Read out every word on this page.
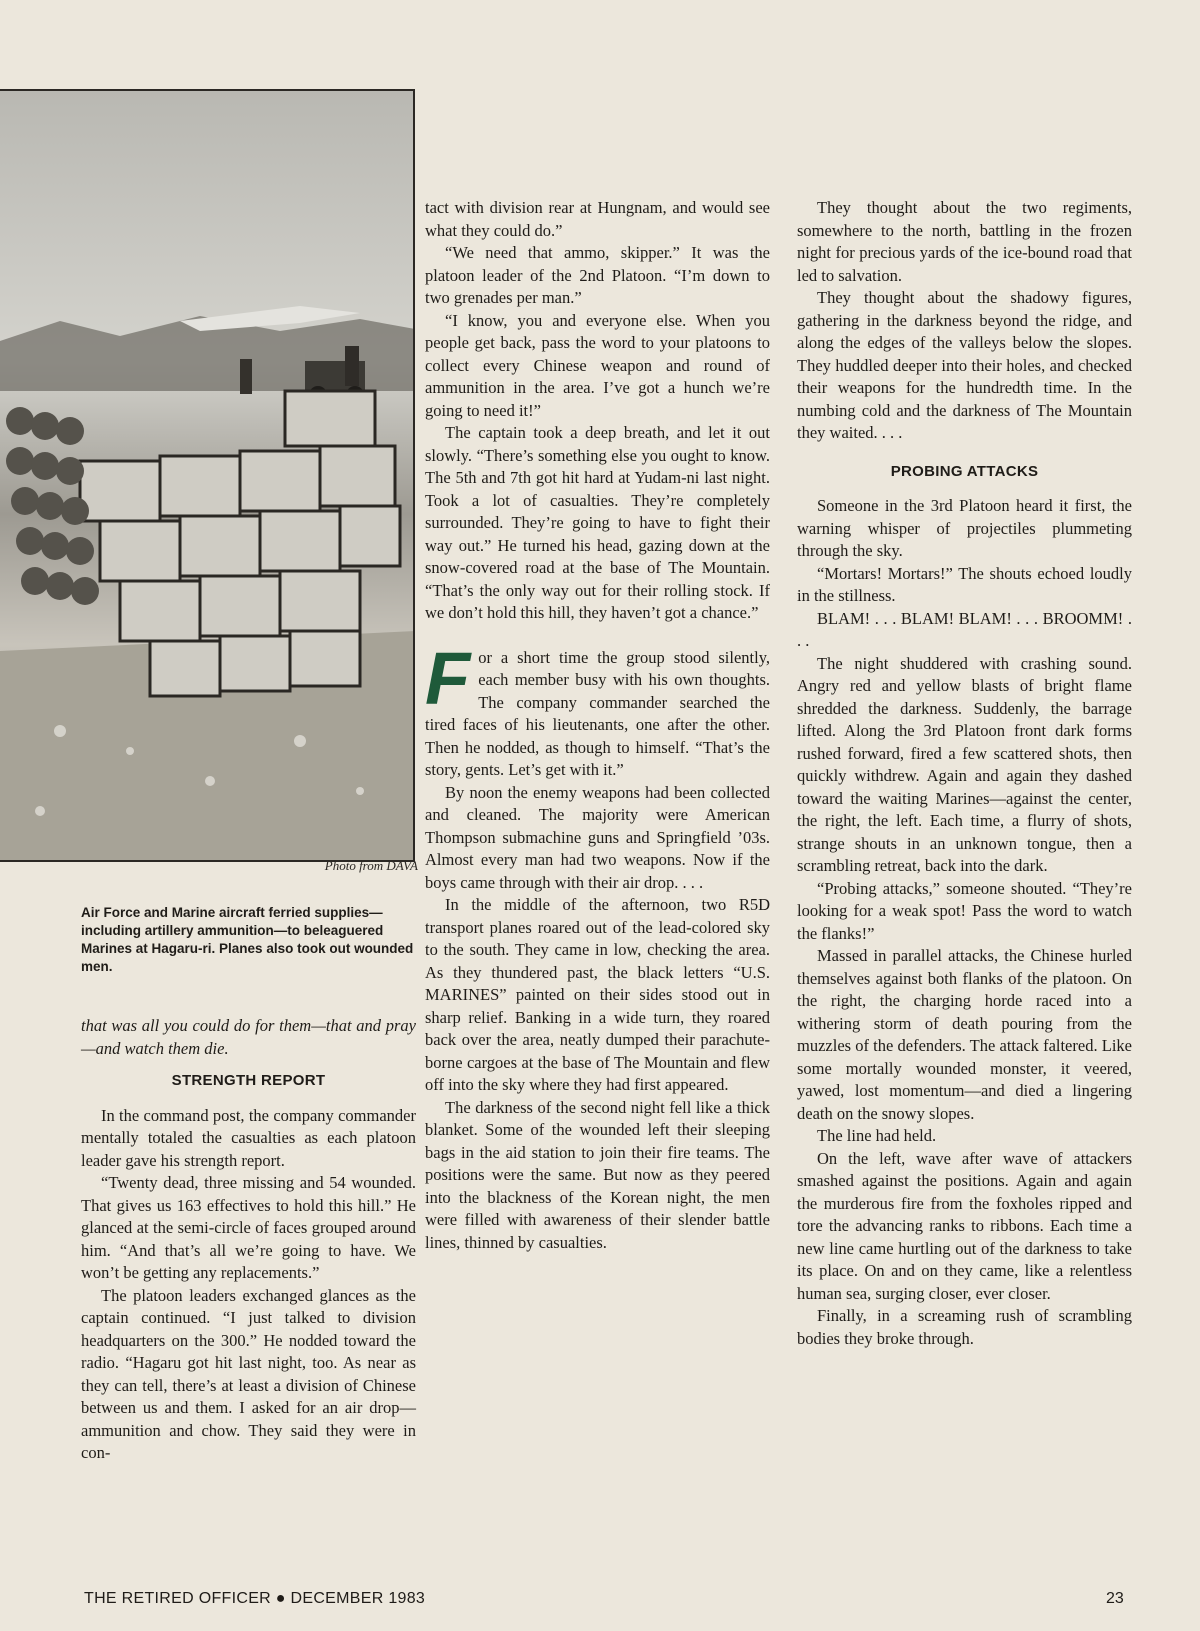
Photo from DAVA
Air Force and Marine aircraft ferried supplies—including artillery ammunition—to beleaguered Marines at Hagaru-ri. Planes also took out wounded men.

that was all you could do for them—that and pray—and watch them die.

STRENGTH REPORT

In the command post, the company commander mentally totaled the casualties as each platoon leader gave his strength report.

“Twenty dead, three missing and 54 wounded. That gives us 163 effectives to hold this hill.” He glanced at the semi-circle of faces grouped around him. “And that’s all we’re going to have. We won’t be getting any replacements.”

The platoon leaders exchanged glances as the captain continued. “I just talked to division headquarters on the 300.” He nodded toward the radio. “Hagaru got hit last night, too. As near as they can tell, there’s at least a division of Chinese between us and them. I asked for an air drop—ammunition and chow. They said they were in con-

tact with division rear at Hungnam, and would see what they could do.”

“We need that ammo, skipper.” It was the platoon leader of the 2nd Platoon. “I’m down to two grenades per man.”

“I know, you and everyone else. When you people get back, pass the word to your platoons to collect every Chinese weapon and round of ammunition in the area. I’ve got a hunch we’re going to need it!”

The captain took a deep breath, and let it out slowly. “There’s something else you ought to know. The 5th and 7th got hit hard at Yudam-ni last night. Took a lot of casualties. They’re completely surrounded. They’re going to have to fight their way out.” He turned his head, gazing down at the snow-covered road at the base of The Mountain. “That’s the only way out for their rolling stock. If we don’t hold this hill, they haven’t got a chance.”

For a short time the group stood silently, each member busy with his own thoughts. The company commander searched the tired faces of his lieutenants, one after the other. Then he nodded, as though to himself. “That’s the story, gents. Let’s get with it.”

By noon the enemy weapons had been collected and cleaned. The majority were American Thompson submachine guns and Springfield ’03s. Almost every man had two weapons. Now if the boys came through with their air drop. . . .

In the middle of the afternoon, two R5D transport planes roared out of the lead-colored sky to the south. They came in low, checking the area. As they thundered past, the black letters “U.S. MARINES” painted on their sides stood out in sharp relief. Banking in a wide turn, they roared back over the area, neatly dumped their parachute-borne cargoes at the base of The Mountain and flew off into the sky where they had first appeared.

The darkness of the second night fell like a thick blanket. Some of the wounded left their sleeping bags in the aid station to join their fire teams. The positions were the same. But now as they peered into the blackness of the Korean night, the men were filled with awareness of their slender battle lines, thinned by casualties.

They thought about the two regiments, somewhere to the north, battling in the frozen night for precious yards of the ice-bound road that led to salvation.

They thought about the shadowy figures, gathering in the darkness beyond the ridge, and along the edges of the valleys below the slopes. They huddled deeper into their holes, and checked their weapons for the hundredth time. In the numbing cold and the darkness of The Mountain they waited. . . .

PROBING ATTACKS

Someone in the 3rd Platoon heard it first, the warning whisper of projectiles plummeting through the sky.

“Mortars! Mortars!” The shouts echoed loudly in the stillness.

BLAM! . . . BLAM! BLAM! . . . BROOMM! . . .

The night shuddered with crashing sound. Angry red and yellow blasts of bright flame shredded the darkness. Suddenly, the barrage lifted. Along the 3rd Platoon front dark forms rushed forward, fired a few scattered shots, then quickly withdrew. Again and again they dashed toward the waiting Marines—against the center, the right, the left. Each time, a flurry of shots, strange shouts in an unknown tongue, then a scrambling retreat, back into the dark.

“Probing attacks,” someone shouted. “They’re looking for a weak spot! Pass the word to watch the flanks!”

Massed in parallel attacks, the Chinese hurled themselves against both flanks of the platoon. On the right, the charging horde raced into a withering storm of death pouring from the muzzles of the defenders. The attack faltered. Like some mortally wounded monster, it veered, yawed, lost momentum—and died a lingering death on the snowy slopes.

The line had held.

On the left, wave after wave of attackers smashed against the positions. Again and again the murderous fire from the foxholes ripped and tore the advancing ranks to ribbons. Each time a new line came hurtling out of the darkness to take its place. On and on they came, like a relentless human sea, surging closer, ever closer.

Finally, in a screaming rush of scrambling bodies they broke through.

THE RETIRED OFFICER ● DECEMBER 1983	23
